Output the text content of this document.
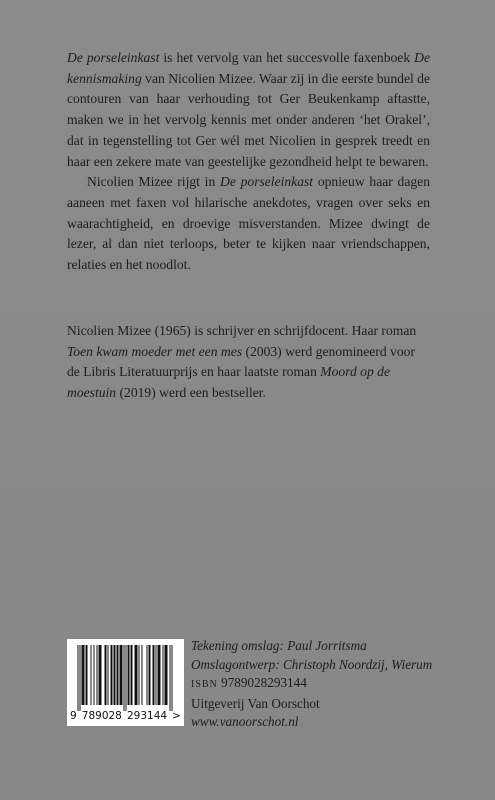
De porseleinkast is het vervolg van het succesvolle faxenboek De kennismaking van Nicolien Mizee. Waar zij in die eerste bundel de contouren van haar verhouding tot Ger Beukenkamp aftastte, maken we in het vervolg kennis met onder anderen ‘het Orakel’, dat in tegenstelling tot Ger wél met Nicolien in gesprek treedt en haar een zekere mate van geestelijke gezondheid helpt te bewaren.

Nicolien Mizee rijgt in De porseleinkast opnieuw haar dagen aaneen met faxen vol hilarische anekdotes, vragen over seks en waarachtigheid, en droevige misverstanden. Mizee dwingt de lezer, al dan niet terloops, beter te kijken naar vriendschappen, relaties en het noodlot.

Nicolien Mizee (1965) is schrijver en schrijfdocent. Haar roman Toen kwam moeder met een mes (2003) werd genomineerd voor de Libris Literatuurprijs en haar laatste roman Moord op de moestuin (2019) werd een bestseller.

9 789028 293144 >
Tekening omslag: Paul Jorritsma
Omslagontwerp: Christoph Noordzij, Wierum
ISBN 9789028293144
Uitgeverij Van Oorschot
www.vanoorschot.nl
